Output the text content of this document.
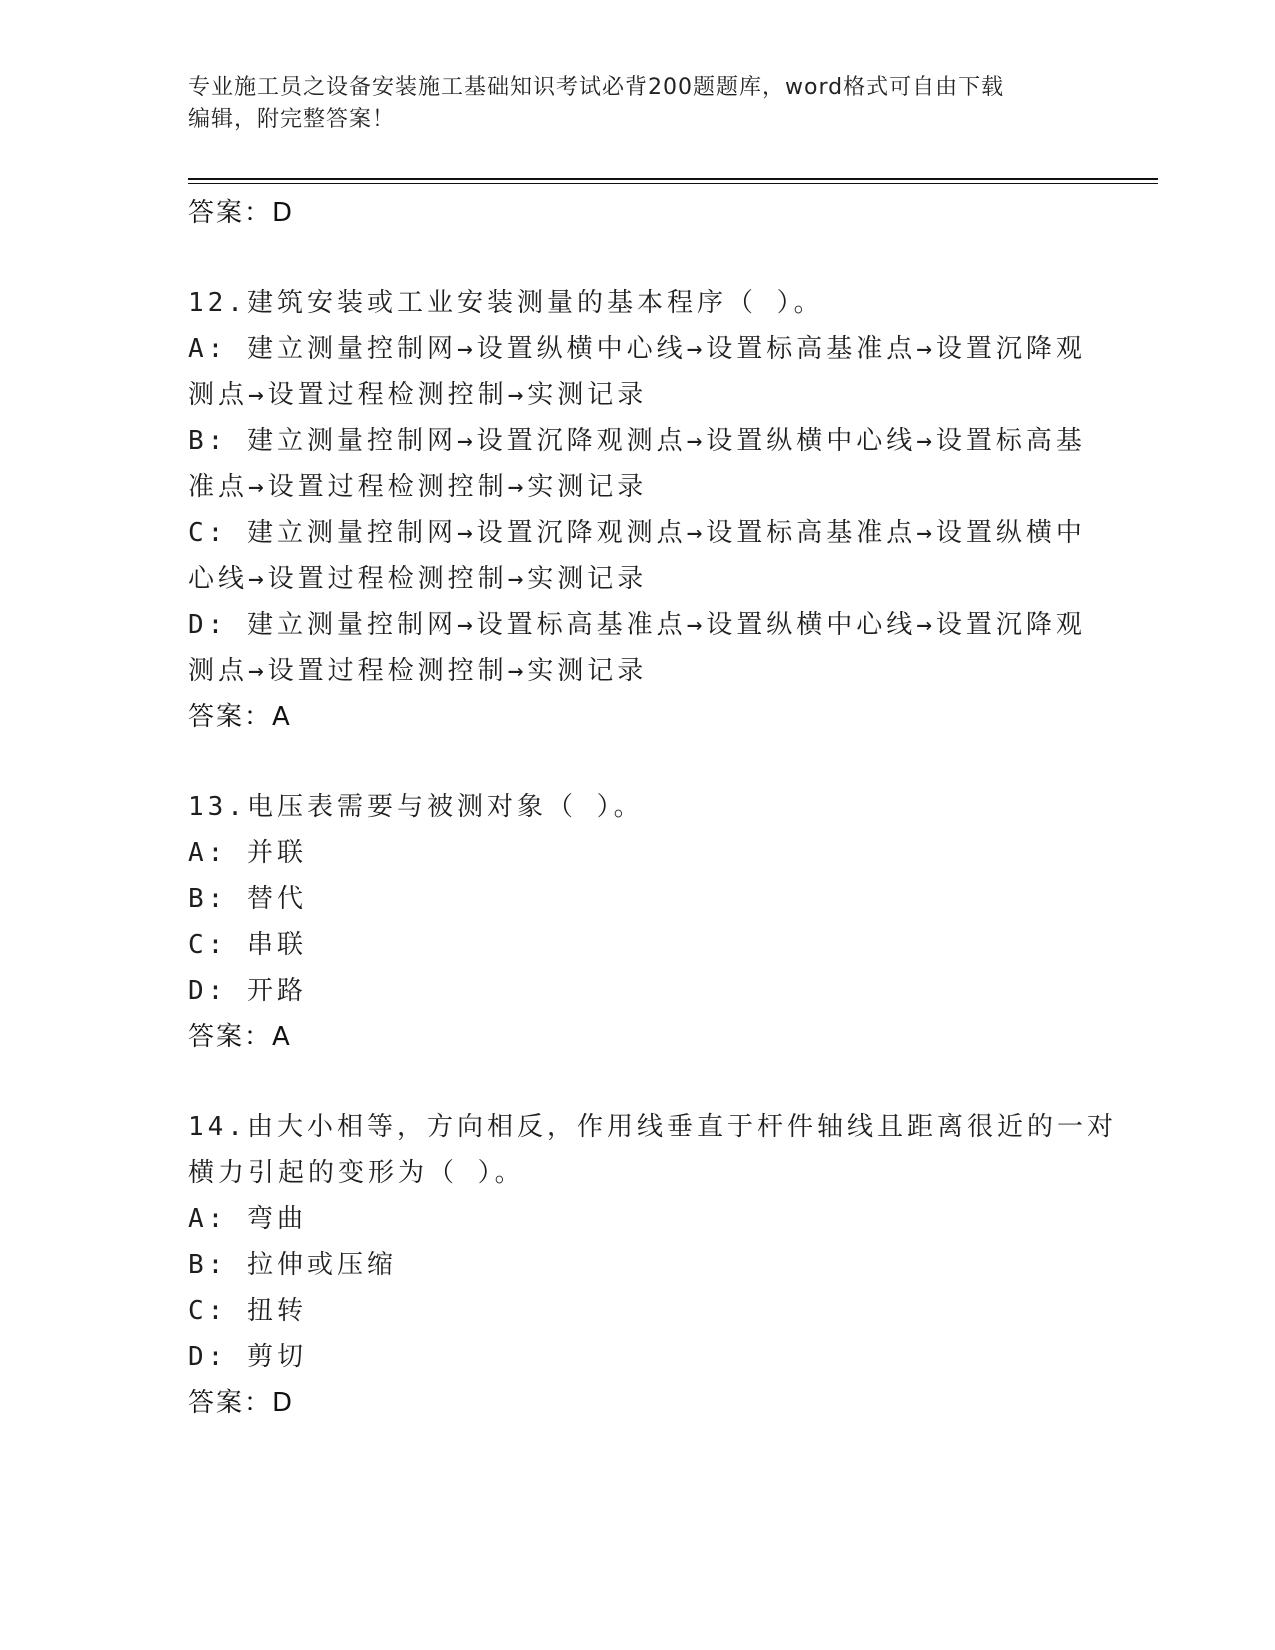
专业施工员之设备安装施工基础知识考试必背200题题库，word格式可自由下载
编辑，附完整答案！
答案：D
12.建筑安装或工业安装测量的基本程序（ ）。
A: 建立测量控制网→设置纵横中心线→设置标高基准点→设置沉降观
测点→设置过程检测控制→实测记录
B: 建立测量控制网→设置沉降观测点→设置纵横中心线→设置标高基
准点→设置过程检测控制→实测记录
C: 建立测量控制网→设置沉降观测点→设置标高基准点→设置纵横中
心线→设置过程检测控制→实测记录
D: 建立测量控制网→设置标高基准点→设置纵横中心线→设置沉降观
测点→设置过程检测控制→实测记录
答案：A
13.电压表需要与被测对象（ ）。
A: 并联
B: 替代
C: 串联
D: 开路
答案：A
14.由大小相等，方向相反，作用线垂直于杆件轴线且距离很近的一对
横力引起的变形为（ ）。
A: 弯曲
B: 拉伸或压缩
C: 扭转
D: 剪切
答案：D
